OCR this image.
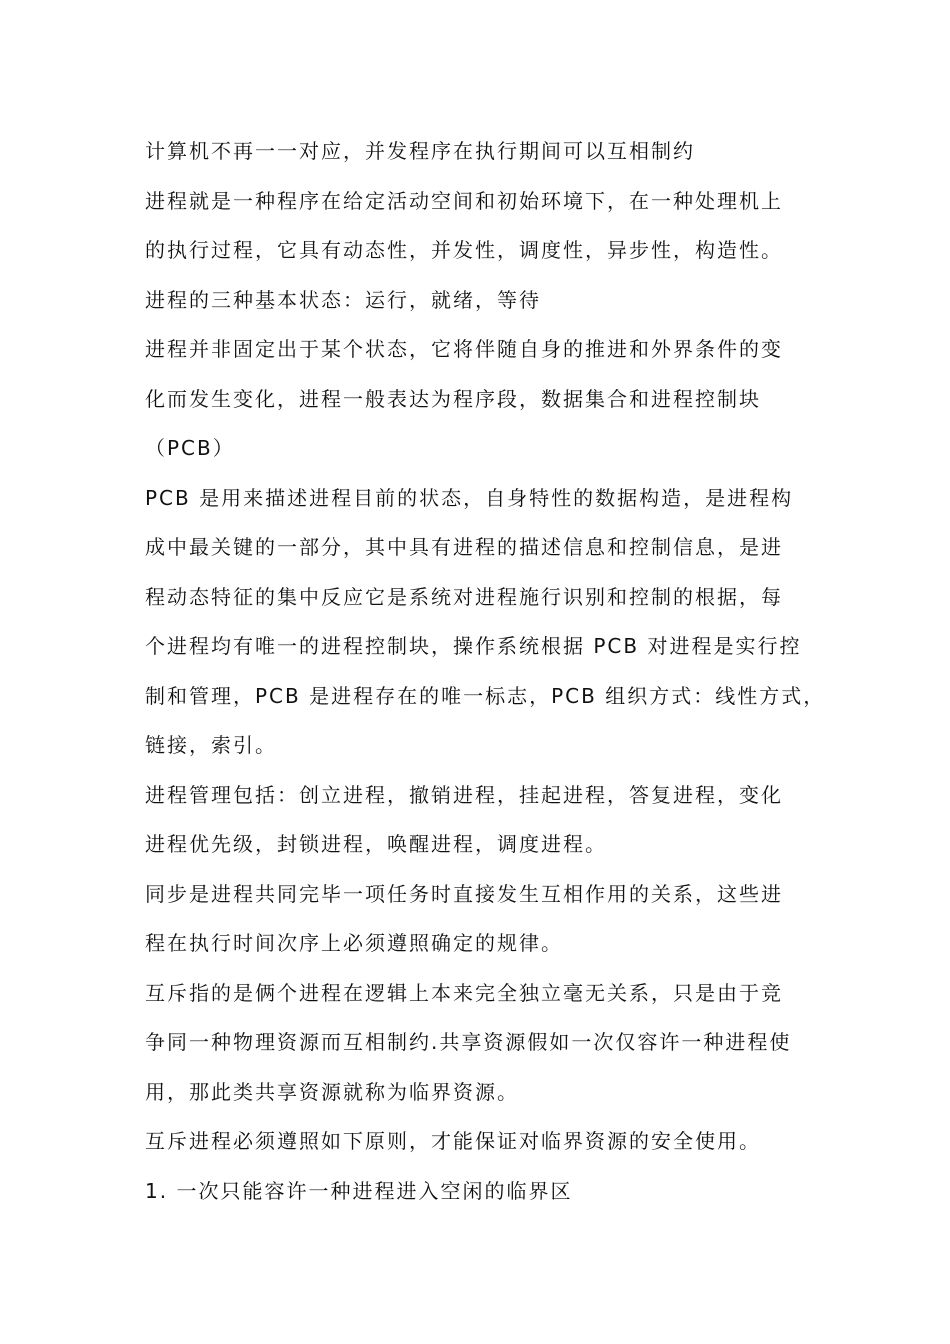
计算机不再一一对应，并发程序在执行期间可以互相制约
进程就是一种程序在给定活动空间和初始环境下，在一种处理机上
的执行过程，它具有动态性，并发性，调度性，异步性，构造性。
进程的三种基本状态：运行，就绪，等待
进程并非固定出于某个状态，它将伴随自身的推进和外界条件的变
化而发生变化，进程一般表达为程序段，数据集合和进程控制块
（PCB）
PCB 是用来描述进程目前的状态，自身特性的数据构造，是进程构
成中最关键的一部分，其中具有进程的描述信息和控制信息，是进
程动态特征的集中反应它是系统对进程施行识别和控制的根据，每
个进程均有唯一的进程控制块，操作系统根据 PCB 对进程是实行控
制和管理，PCB 是进程存在的唯一标志，PCB 组织方式：线性方式，
链接，索引。
进程管理包括：创立进程，撤销进程，挂起进程，答复进程，变化
进程优先级，封锁进程，唤醒进程，调度进程。
同步是进程共同完毕一项任务时直接发生互相作用的关系，这些进
程在执行时间次序上必须遵照确定的规律。
互斥指的是俩个进程在逻辑上本来完全独立毫无关系，只是由于竞
争同一种物理资源而互相制约.共享资源假如一次仅容许一种进程使
用，那此类共享资源就称为临界资源。
互斥进程必须遵照如下原则，才能保证对临界资源的安全使用。
1. 一次只能容许一种进程进入空闲的临界区
